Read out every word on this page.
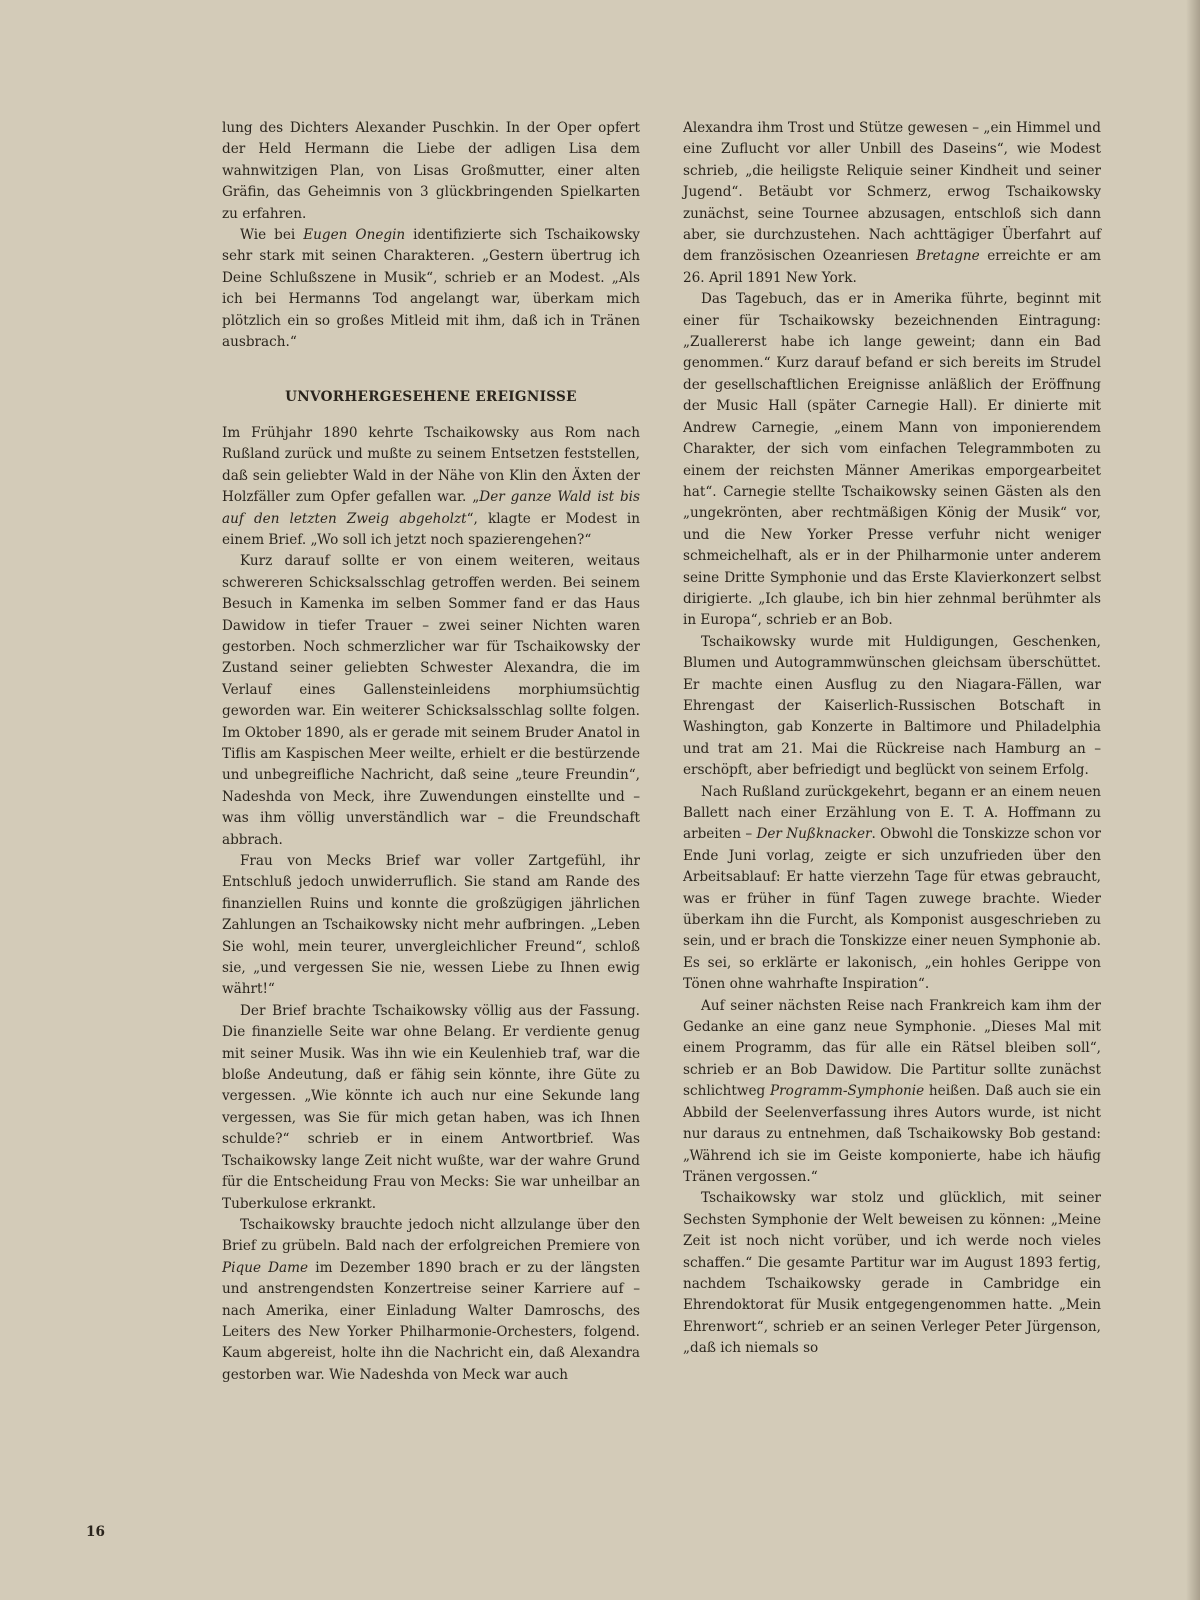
lung des Dichters Alexander Puschkin. In der Oper opfert der Held Hermann die Liebe der adligen Lisa dem wahnwitzigen Plan, von Lisas Großmutter, einer alten Gräfin, das Geheimnis von 3 glückbringenden Spielkarten zu erfahren.

Wie bei Eugen Onegin identifizierte sich Tschaikowsky sehr stark mit seinen Charakteren. „Gestern übertrug ich Deine Schlußszene in Musik“, schrieb er an Modest. „Als ich bei Hermanns Tod angelangt war, überkam mich plötzlich ein so großes Mitleid mit ihm, daß ich in Tränen ausbrach.“

UNVORHERGESEHENE EREIGNISSE

Im Frühjahr 1890 kehrte Tschaikowsky aus Rom nach Rußland zurück und mußte zu seinem Entsetzen feststellen, daß sein geliebter Wald in der Nähe von Klin den Äxten der Holzfäller zum Opfer gefallen war. „Der ganze Wald ist bis auf den letzten Zweig abgeholzt“, klagte er Modest in einem Brief. „Wo soll ich jetzt noch spazierengehen?“

Kurz darauf sollte er von einem weiteren, weitaus schwereren Schicksalsschlag getroffen werden. Bei seinem Besuch in Kamenka im selben Sommer fand er das Haus Dawidow in tiefer Trauer – zwei seiner Nichten waren gestorben. Noch schmerzlicher war für Tschaikowsky der Zustand seiner geliebten Schwester Alexandra, die im Verlauf eines Gallensteinleidens morphiumsüchtig geworden war. Ein weiterer Schicksalsschlag sollte folgen. Im Oktober 1890, als er gerade mit seinem Bruder Anatol in Tiflis am Kaspischen Meer weilte, erhielt er die bestürzende und unbegreifliche Nachricht, daß seine „teure Freundin“, Nadeshda von Meck, ihre Zuwendungen einstellte und – was ihm völlig unverständlich war – die Freundschaft abbrach.

Frau von Mecks Brief war voller Zartgefühl, ihr Entschluß jedoch unwiderruflich. Sie stand am Rande des finanziellen Ruins und konnte die großzügigen jährlichen Zahlungen an Tschaikowsky nicht mehr aufbringen. „Leben Sie wohl, mein teurer, unvergleichlicher Freund“, schloß sie, „und vergessen Sie nie, wessen Liebe zu Ihnen ewig währt!“

Der Brief brachte Tschaikowsky völlig aus der Fassung. Die finanzielle Seite war ohne Belang. Er verdiente genug mit seiner Musik. Was ihn wie ein Keulenhieb traf, war die bloße Andeutung, daß er fähig sein könnte, ihre Güte zu vergessen. „Wie könnte ich auch nur eine Sekunde lang vergessen, was Sie für mich getan haben, was ich Ihnen schulde?“ schrieb er in einem Antwortbrief. Was Tschaikowsky lange Zeit nicht wußte, war der wahre Grund für die Entscheidung Frau von Mecks: Sie war unheilbar an Tuberkulose erkrankt.

Tschaikowsky brauchte jedoch nicht allzulange über den Brief zu grübeln. Bald nach der erfolgreichen Premiere von Pique Dame im Dezember 1890 brach er zu der längsten und anstrengendsten Konzertreise seiner Karriere auf – nach Amerika, einer Einladung Walter Damroschs, des Leiters des New Yorker Philharmonie-Orchesters, folgend. Kaum abgereist, holte ihn die Nachricht ein, daß Alexandra gestorben war. Wie Nadeshda von Meck war auch

Alexandra ihm Trost und Stütze gewesen – „ein Himmel und eine Zuflucht vor aller Unbill des Daseins“, wie Modest schrieb, „die heiligste Reliquie seiner Kindheit und seiner Jugend“. Betäubt vor Schmerz, erwog Tschaikowsky zunächst, seine Tournee abzusagen, entschloß sich dann aber, sie durchzustehen. Nach achttägiger Überfahrt auf dem französischen Ozeanriesen Bretagne erreichte er am 26. April 1891 New York.

Das Tagebuch, das er in Amerika führte, beginnt mit einer für Tschaikowsky bezeichnenden Eintragung: „Zuallererst habe ich lange geweint; dann ein Bad genommen.“ Kurz darauf befand er sich bereits im Strudel der gesellschaftlichen Ereignisse anläßlich der Eröffnung der Music Hall (später Carnegie Hall). Er dinierte mit Andrew Carnegie, „einem Mann von imponierendem Charakter, der sich vom einfachen Telegrammboten zu einem der reichsten Männer Amerikas emporgearbeitet hat“. Carnegie stellte Tschaikowsky seinen Gästen als den „ungekrönten, aber rechtmäßigen König der Musik“ vor, und die New Yorker Presse verfuhr nicht weniger schmeichelhaft, als er in der Philharmonie unter anderem seine Dritte Symphonie und das Erste Klavierkonzert selbst dirigierte. „Ich glaube, ich bin hier zehnmal berühmter als in Europa“, schrieb er an Bob.

Tschaikowsky wurde mit Huldigungen, Geschenken, Blumen und Autogrammwünschen gleichsam überschüttet. Er machte einen Ausflug zu den Niagara-Fällen, war Ehrengast der Kaiserlich-Russischen Botschaft in Washington, gab Konzerte in Baltimore und Philadelphia und trat am 21. Mai die Rückreise nach Hamburg an – erschöpft, aber befriedigt und beglückt von seinem Erfolg.

Nach Rußland zurückgekehrt, begann er an einem neuen Ballett nach einer Erzählung von E. T. A. Hoffmann zu arbeiten – Der Nußknacker. Obwohl die Tonskizze schon vor Ende Juni vorlag, zeigte er sich unzufrieden über den Arbeitsablauf: Er hatte vierzehn Tage für etwas gebraucht, was er früher in fünf Tagen zuwege brachte. Wieder überkam ihn die Furcht, als Komponist ausgeschrieben zu sein, und er brach die Tonskizze einer neuen Symphonie ab. Es sei, so erklärte er lakonisch, „ein hohles Gerippe von Tönen ohne wahrhafte Inspiration“.

Auf seiner nächsten Reise nach Frankreich kam ihm der Gedanke an eine ganz neue Symphonie. „Dieses Mal mit einem Programm, das für alle ein Rätsel bleiben soll“, schrieb er an Bob Dawidow. Die Partitur sollte zunächst schlichtweg Programm-Symphonie heißen. Daß auch sie ein Abbild der Seelenverfassung ihres Autors wurde, ist nicht nur daraus zu entnehmen, daß Tschaikowsky Bob gestand: „Während ich sie im Geiste komponierte, habe ich häufig Tränen vergossen.“

Tschaikowsky war stolz und glücklich, mit seiner Sechsten Symphonie der Welt beweisen zu können: „Meine Zeit ist noch nicht vorüber, und ich werde noch vieles schaffen.“ Die gesamte Partitur war im August 1893 fertig, nachdem Tschaikowsky gerade in Cambridge ein Ehrendoktorat für Musik entgegengenommen hatte. „Mein Ehrenwort“, schrieb er an seinen Verleger Peter Jürgenson, „daß ich niemals so

16
